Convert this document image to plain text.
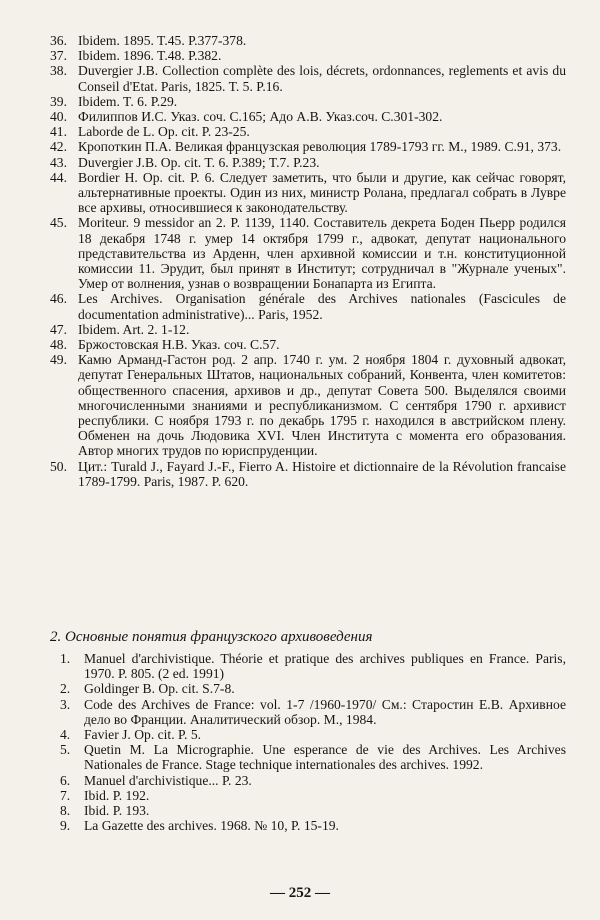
36. Ibidem. 1895. T.45. P.377-378.
37. Ibidem. 1896. T.48. P.382.
38. Duvergier J.B. Collection complète des lois, décrets, ordonnances, reglements et avis du Conseil d'Etat. Paris, 1825. T. 5. P.16.
39. Ibidem. T. 6. P.29.
40. Филиппов И.С. Указ. соч. С.165; Адо А.В. Указ.соч. С.301-302.
41. Laborde de L. Op. cit. P. 23-25.
42. Кропоткин П.А. Великая французская революция 1789-1793 гг. М., 1989. С.91, 373.
43. Duvergier J.B. Op. cit. T. 6. P.389; T.7. P.23.
44. Bordier H. Op. cit. P. 6. Следует заметить, что были и другие, как сейчас говорят, альтернативные проекты. Один из них, министр Ролана, предлагал собрать в Лувре все архивы, относившиеся к законодательству.
45. Moriteur. 9 messidor an 2. P. 1139, 1140. Составитель декрета Боден Пьерр родился 18 декабря 1748 г. умер 14 октября 1799 г., адвокат, депутат национального представительства из Арденн, член архивной комиссии и т.н. конституционной комиссии 11. Эрудит, был принят в Институт; сотрудничал в "Журнале ученых". Умер от волнения, узнав о возвращении Бонапарта из Египта.
46. Les Archives. Organisation générale des Archives nationales (Fascicules de documentation administrative)... Paris, 1952.
47. Ibidem. Art. 2. 1-12.
48. Бржостовская Н.В. Указ. соч. С.57.
49. Камю Арманд-Гастон род. 2 апр. 1740 г. ум. 2 ноября 1804 г. духовный адвокат, депутат Генеральных Штатов, национальных собраний, Конвента, член комитетов: общественного спасения, архивов и др., депутат Совета 500. Выделялся своими многочисленными знаниями и республиканизмом. С сентября 1790 г. архивист республики. С ноября 1793 г. по декабрь 1795 г. находился в австрийском плену. Обменен на дочь Людовика XVI. Член Института с момента его образования. Автор многих трудов по юриспруденции.
50. Цит.: Turald J., Fayard J.-F., Fierro A. Histoire et dictionnaire de la Révolution francaise 1789-1799. Paris, 1987. P. 620.
2. Основные понятия французского архивоведения
1.	Manuel d'archivistique. Théorie et pratique des archives publiques en France. Paris, 1970. P. 805. (2 ed. 1991)
2.	Goldinger B. Op. cit. S.7-8.
3.	Code des Archives de France: vol. 1-7 /1960-1970/ См.: Старостин Е.В. Архивное дело во Франции. Аналитический обзор. М., 1984.
4.	Favier J. Op. cit. P. 5.
5.	Quetin M. La Micrographie. Une esperance de vie des Archives. Les Archives Nationales de France. Stage technique internationales des archives. 1992.
6.	Manuel d'archivistique... P. 23.
7.	Ibid. P. 192.
8.	Ibid. P. 193.
9.	La Gazette des archives. 1968. № 10, P. 15-19.
— 252 —
